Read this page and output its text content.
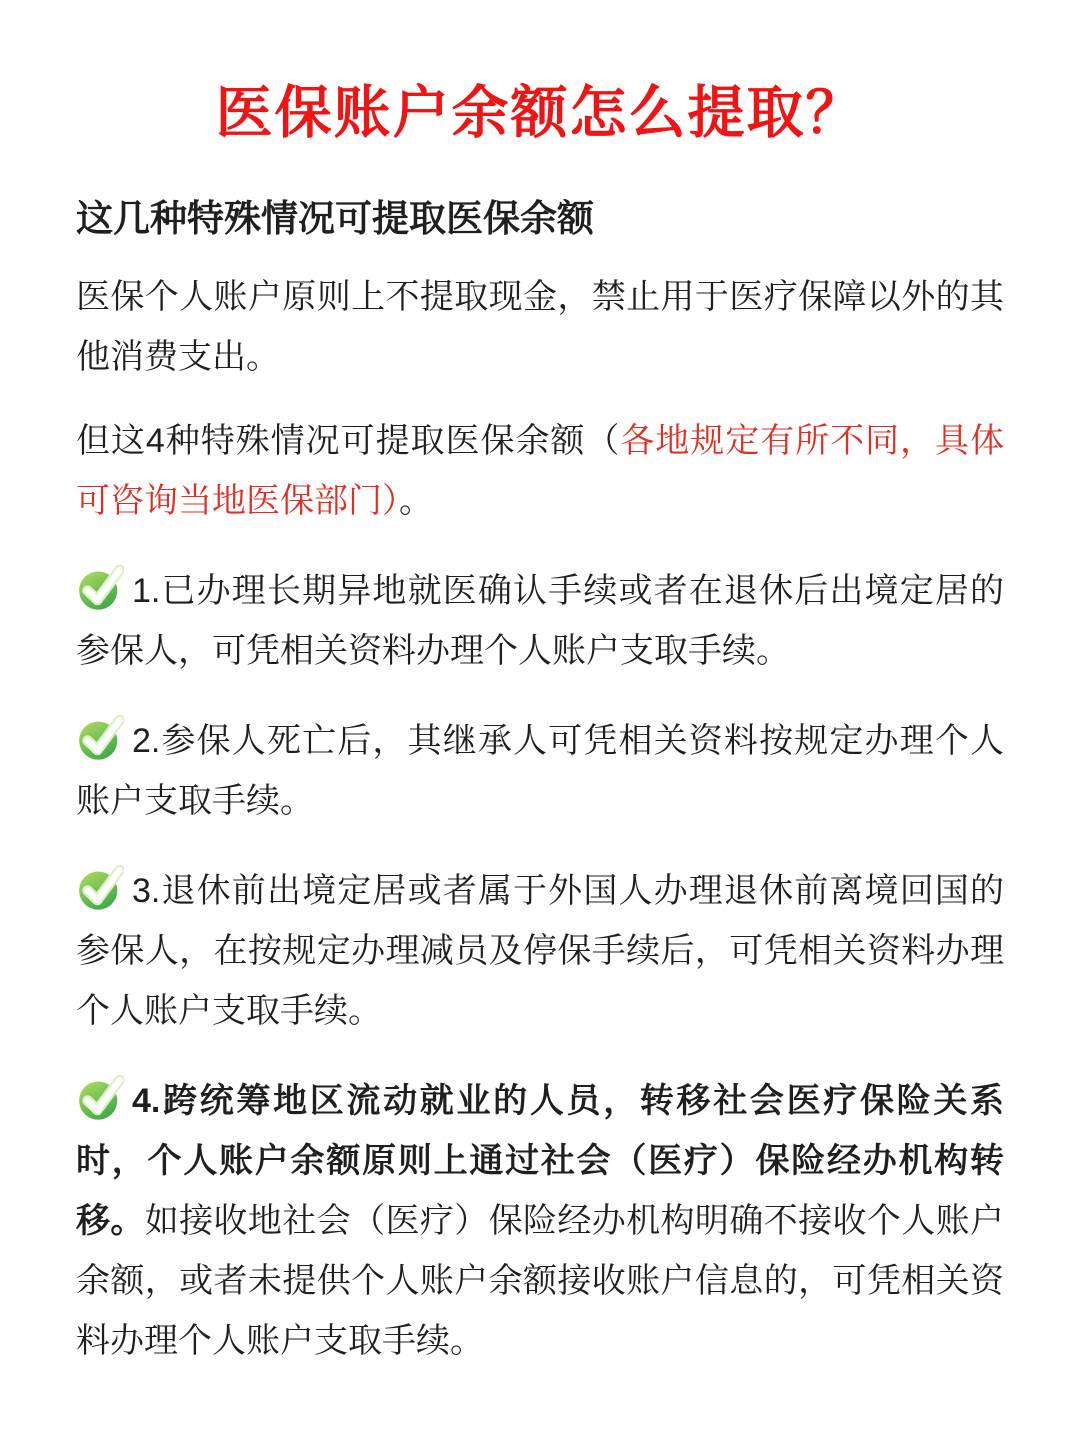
医保账户余额怎么提取？
这几种特殊情况可提取医保余额

医保个人账户原则上不提取现金，禁止用于医疗保障以外的其他消费支出。

但这4种特殊情况可提取医保余额（各地规定有所不同，具体可咨询当地医保部门）。

1.已办理长期异地就医确认手续或者在退休后出境定居的参保人，可凭相关资料办理个人账户支取手续。

2.参保人死亡后，其继承人可凭相关资料按规定办理个人账户支取手续。

3.退休前出境定居或者属于外国人办理退休前离境回国的参保人，在按规定办理减员及停保手续后，可凭相关资料办理个人账户支取手续。

4.跨统筹地区流动就业的人员，转移社会医疗保险关系时，个人账户余额原则上通过社会（医疗）保险经办机构转移。如接收地社会（医疗）保险经办机构明确不接收个人账户余额，或者未提供个人账户余额接收账户信息的，可凭相关资料办理个人账户支取手续。
